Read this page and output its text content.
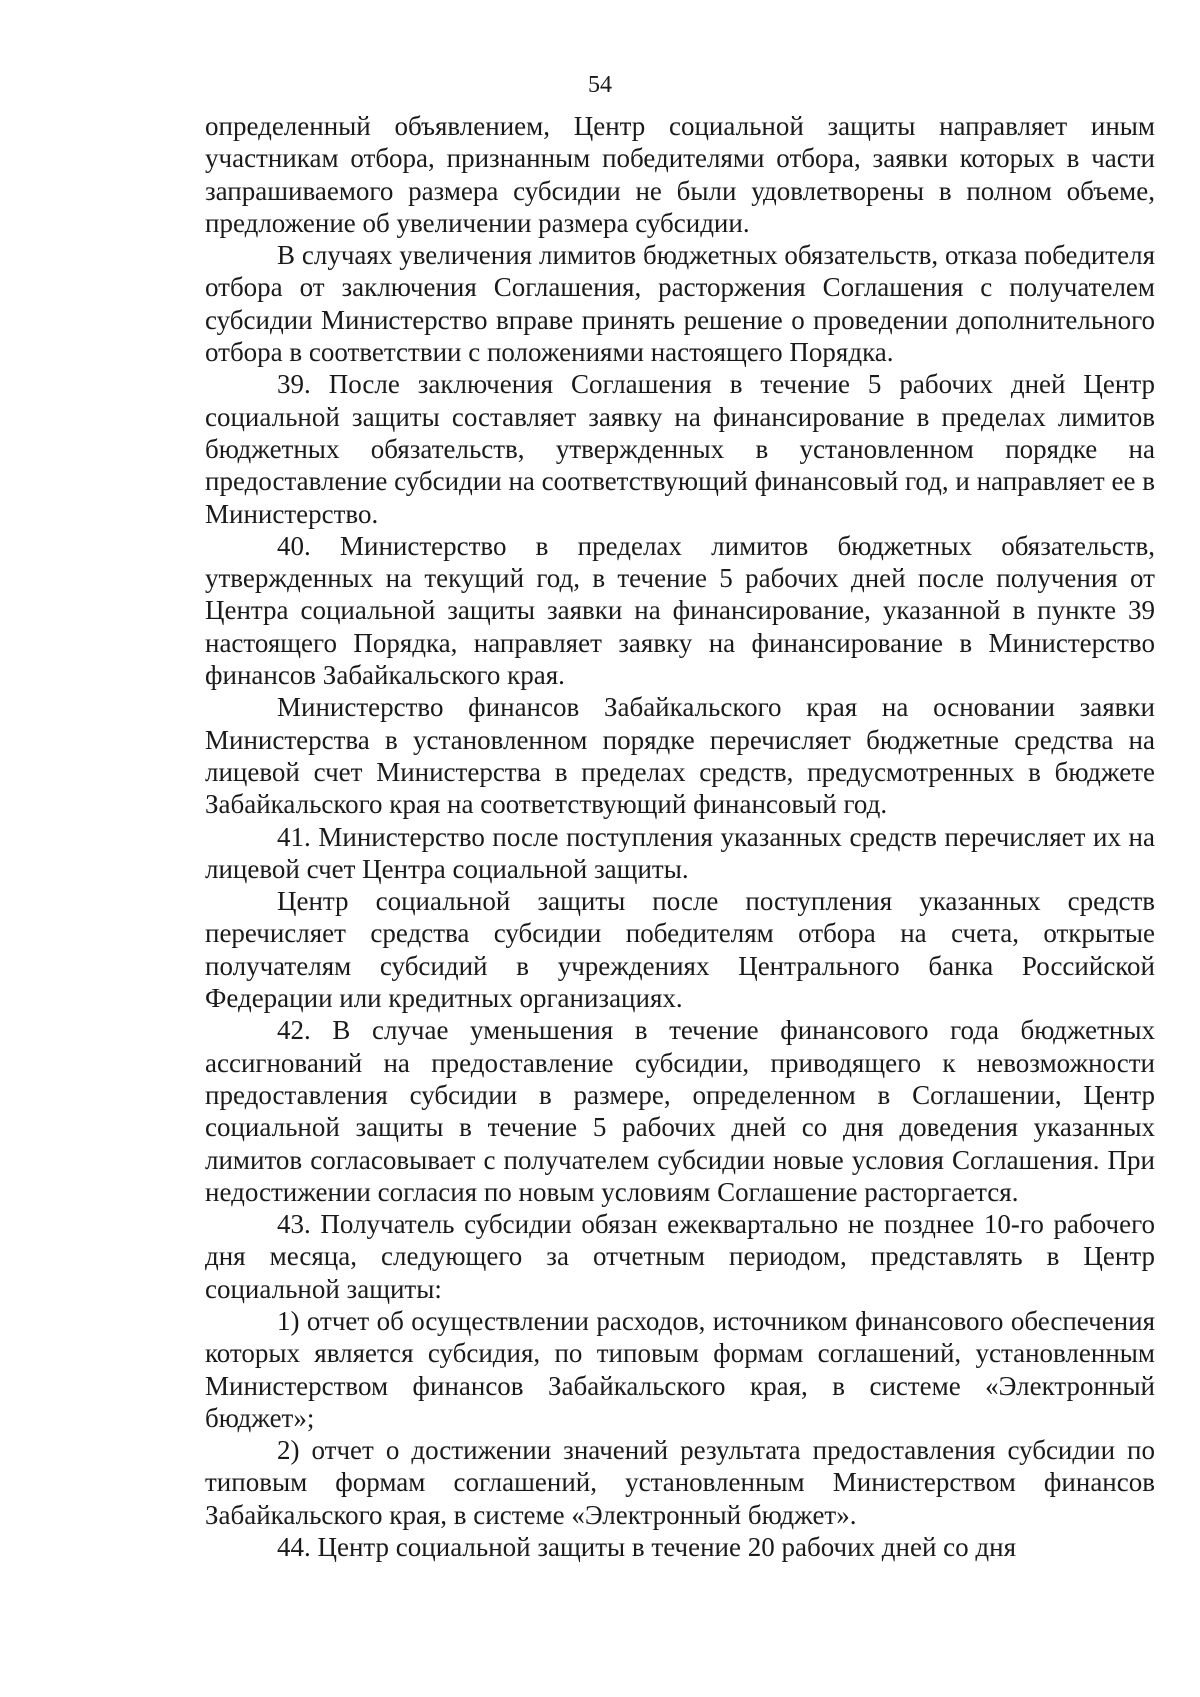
54

определенный объявлением, Центр социальной защиты направляет иным участникам отбора, признанным победителями отбора, заявки которых в части запрашиваемого размера субсидии не были удовлетворены в полном объеме, предложение об увеличении размера субсидии.

В случаях увеличения лимитов бюджетных обязательств, отказа победителя отбора от заключения Соглашения, расторжения Соглашения с получателем субсидии Министерство вправе принять решение о проведении дополнительного отбора в соответствии с положениями настоящего Порядка.

39. После заключения Соглашения в течение 5 рабочих дней Центр социальной защиты составляет заявку на финансирование в пределах лимитов бюджетных обязательств, утвержденных в установленном порядке на предоставление субсидии на соответствующий финансовый год, и направляет ее в Министерство.

40. Министерство в пределах лимитов бюджетных обязательств, утвержденных на текущий год, в течение 5 рабочих дней после получения от Центра социальной защиты заявки на финансирование, указанной в пункте 39 настоящего Порядка, направляет заявку на финансирование в Министерство финансов Забайкальского края.

Министерство финансов Забайкальского края на основании заявки Министерства в установленном порядке перечисляет бюджетные средства на лицевой счет Министерства в пределах средств, предусмотренных в бюджете Забайкальского края на соответствующий финансовый год.

41. Министерство после поступления указанных средств перечисляет их на лицевой счет Центра социальной защиты.

Центр социальной защиты после поступления указанных средств перечисляет средства субсидии победителям отбора на счета, открытые получателям субсидий в учреждениях Центрального банка Российской Федерации или кредитных организациях.

42. В случае уменьшения в течение финансового года бюджетных ассигнований на предоставление субсидии, приводящего к невозможности предоставления субсидии в размере, определенном в Соглашении, Центр социальной защиты в течение 5 рабочих дней со дня доведения указанных лимитов согласовывает с получателем субсидии новые условия Соглашения. При недостижении согласия по новым условиям Соглашение расторгается.

43. Получатель субсидии обязан ежеквартально не позднее 10-го рабочего дня месяца, следующего за отчетным периодом, представлять в Центр социальной защиты:

1) отчет об осуществлении расходов, источником финансового обеспечения которых является субсидия, по типовым формам соглашений, установленным Министерством финансов Забайкальского края, в системе «Электронный бюджет»;

2) отчет о достижении значений результата предоставления субсидии по типовым формам соглашений, установленным Министерством финансов Забайкальского края, в системе «Электронный бюджет».

44. Центр социальной защиты в течение 20 рабочих дней со дня
